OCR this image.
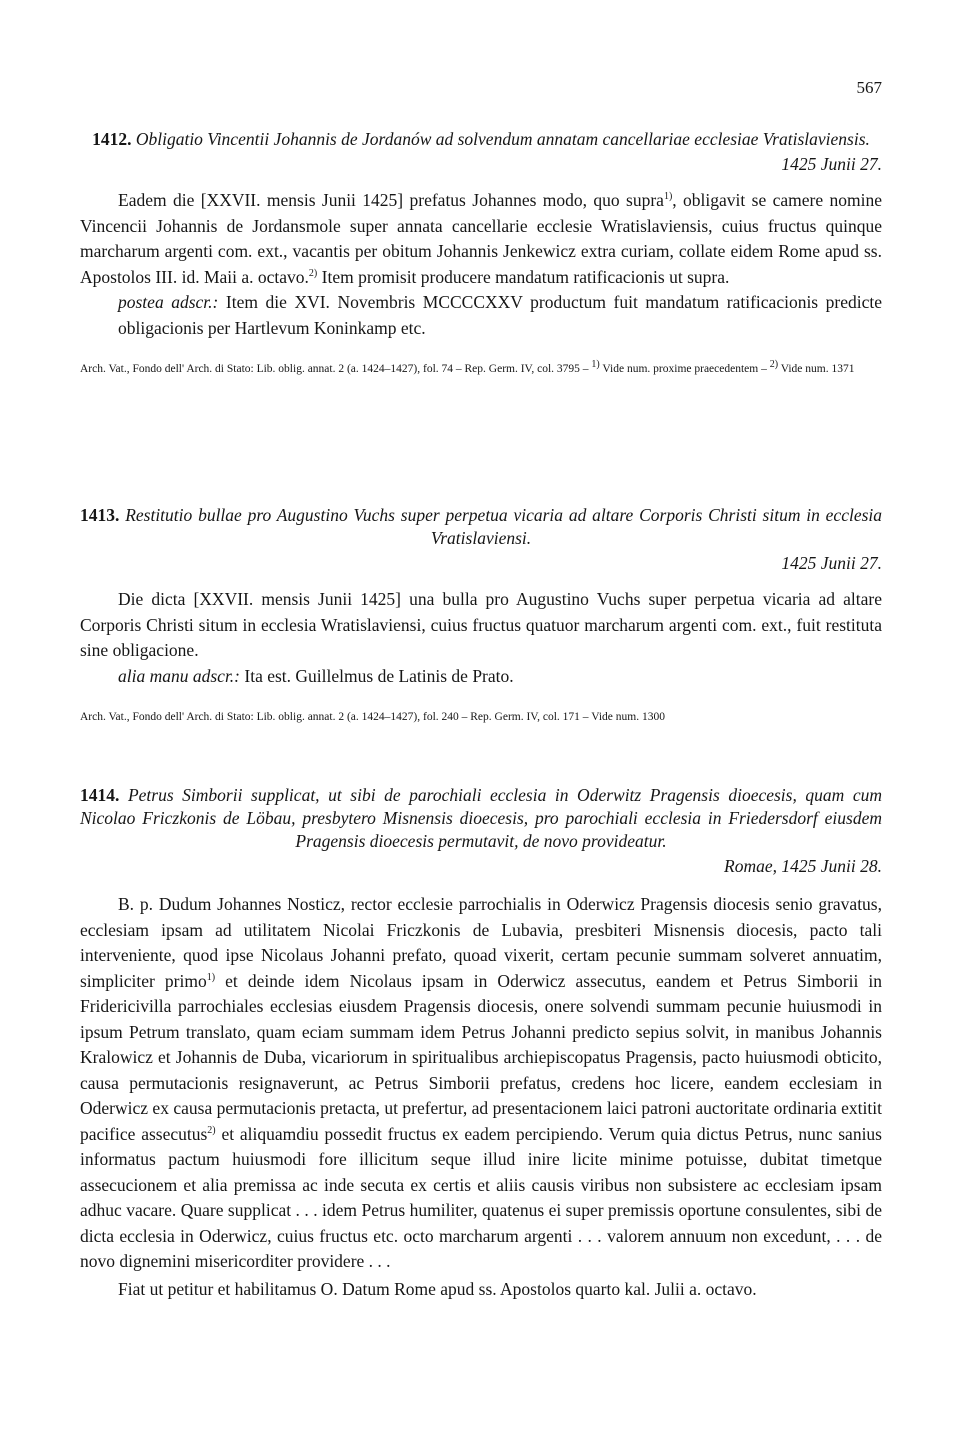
567
1412. Obligatio Vincentii Johannis de Jordanów ad solvendum annatam cancellariae ecclesiae Vratislaviensis.
1425 Junii 27.

Eadem die [XXVII. mensis Junii 1425] prefatus Johannes modo, quo supra$^{1)}$, obligavit se camere nomine Vincencii Johannis de Jordansmole super annata cancellarie ecclesie Wratislaviensis, cuius fructus quinque marcharum argenti com. ext., vacantis per obitum Johannis Jenkewicz extra curiam, collate eidem Rome apud ss. Apostolos III. id. Maii a. octavo.$^{2)}$ Item promisit producere mandatum ratificacionis ut supra.

postea adscr.: Item die XVI. Novembris MCCCCXXV productum fuit mandatum ratificacionis predicte obligacionis per Hartlevum Koninkamp etc.

Arch. Vat., Fondo dell' Arch. di Stato: Lib. oblig. annat. 2 (a. 1424–1427), fol. 74 – Rep. Germ. IV, col. 3795 – $^{1)}$ Vide num. proxime praecedentem – $^{2)}$ Vide num. 1371
1413. Restitutio bullae pro Augustino Vuchs super perpetua vicaria ad altare Corporis Christi situm in ecclesia Vratislaviensi.
1425 Junii 27.

Die dicta [XXVII. mensis Junii 1425] una bulla pro Augustino Vuchs super perpetua vicaria ad altare Corporis Christi situm in ecclesia Wratislaviensi, cuius fructus quatuor marcharum argenti com. ext., fuit restituta sine obligacione.

alia manu adscr.: Ita est. Guillelmus de Latinis de Prato.

Arch. Vat., Fondo dell' Arch. di Stato: Lib. oblig. annat. 2 (a. 1424–1427), fol. 240 – Rep. Germ. IV, col. 171 – Vide num. 1300
1414. Petrus Simborii supplicat, ut sibi de parochiali ecclesia in Oderwitz Pragensis dioecesis, quam cum Nicolao Friczkonis de Löbau, presbytero Misnensis dioecesis, pro parochiali ecclesia in Friedersdorf eiusdem Pragensis dioecesis permutavit, de novo provideatur.
Romae, 1425 Junii 28.

B. p. Dudum Johannes Nosticz, rector ecclesie parrochialis in Oderwicz Pragensis diocesis senio gravatus, ecclesiam ipsam ad utilitatem Nicolai Friczkonis de Lubavia, presbiteri Misnensis diocesis, pacto tali interveniente, quod ipse Nicolaus Johanni prefato, quoad vixerit, certam pecunie summam solveret annuatim, simpliciter primo$^{1)}$ et deinde idem Nicolaus ipsam in Oderwicz assecutus, eandem et Petrus Simborii in Fridericivilla parrochiales ecclesias eiusdem Pragensis diocesis, onere solvendi summam pecunie huiusmodi in ipsum Petrum translato, quam eciam summam idem Petrus Johanni predicto sepius solvit, in manibus Johannis Kralowicz et Johannis de Duba, vicariorum in spiritualibus archiepiscopatus Pragensis, pacto huiusmodi obticito, causa permutacionis resignaverunt, ac Petrus Simborii prefatus, credens hoc licere, eandem ecclesiam in Oderwicz ex causa permutacionis pretacta, ut prefertur, ad presentacionem laici patroni auctoritate ordinaria extitit pacifice assecutus$^{2)}$ et aliquamdiu possedit fructus ex eadem percipiendo. Verum quia dictus Petrus, nunc sanius informatus pactum huiusmodi fore illicitum seque illud inire licite minime potuisse, dubitat timetque assecucionem et alia premissa ac inde secuta ex certis et aliis causis viribus non subsistere ac ecclesiam ipsam adhuc vacare. Quare supplicat . . . idem Petrus humiliter, quatenus ei super premissis oportune consulentes, sibi de dicta ecclesia in Oderwicz, cuius fructus etc. octo marcharum argenti . . . valorem annuum non excedunt, . . . de novo dignemini misericorditer providere . . .

Fiat ut petitur et habilitamus O. Datum Rome apud ss. Apostolos quarto kal. Julii a. octavo.
